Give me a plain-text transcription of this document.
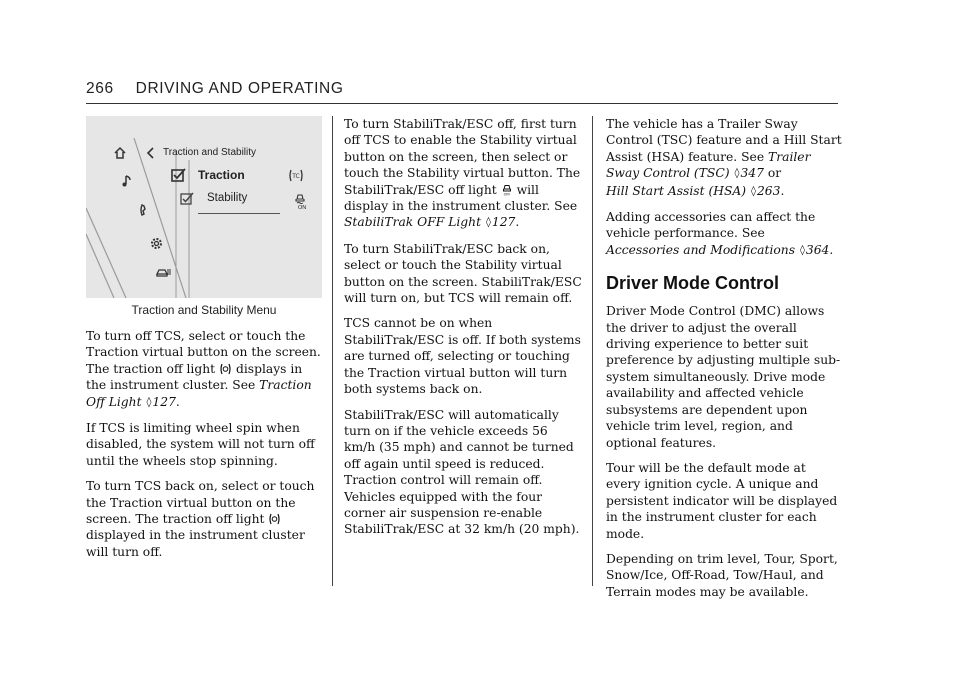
266 DRIVING AND OPERATING
Traction and Stability
Traction
Stability
TC
ON
Traction and Stability Menu

To turn off TCS, select or touch the Traction virtual button on the screen. The traction off light displays in the instrument cluster. See Traction Off Light ◊127.

If TCS is limiting wheel spin when disabled, the system will not turn off until the wheels stop spinning.

To turn TCS back on, select or touch the Traction virtual button on the screen. The traction off light  displayed in the instrument cluster will turn off.

To turn StabiliTrak/ESC off, first turn off TCS to enable the Stability virtual button on the screen, then select or touch the Stability virtual button. The StabiliTrak/ESC off light OFF will display in the instrument cluster. See StabiliTrak OFF Light ◊127.

To turn StabiliTrak/ESC back on, select or touch the Stability virtual button on the screen. StabiliTrak/ESC will turn on, but TCS will remain off.

TCS cannot be on when StabiliTrak/ESC is off. If both systems are turned off, selecting or touching the Traction virtual button will turn both systems back on.

StabiliTrak/ESC will automatically turn on if the vehicle exceeds 56 km/h (35 mph) and cannot be turned off again until speed is reduced. Traction control will remain off. Vehicles equipped with the four corner air suspension re-enable StabiliTrak/ESC at 32 km/h (20 mph).

The vehicle has a Trailer Sway Control (TSC) feature and a Hill Start Assist (HSA) feature. See Trailer Sway Control (TSC) ◊347 or
Hill Start Assist (HSA) ◊263.

Adding accessories can affect the vehicle performance. See Accessories and Modifications ◊364.

Driver Mode Control

Driver Mode Control (DMC) allows the driver to adjust the overall driving experience to better suit preference by adjusting multiple sub-system simultaneously. Drive mode availability and affected vehicle subsystems are dependent upon vehicle trim level, region, and optional features.

Tour will be the default mode at every ignition cycle. A unique and persistent indicator will be displayed in the instrument cluster for each mode.

Depending on trim level, Tour, Sport, Snow/Ice, Off-Road, Tow/Haul, and Terrain modes may be available.
